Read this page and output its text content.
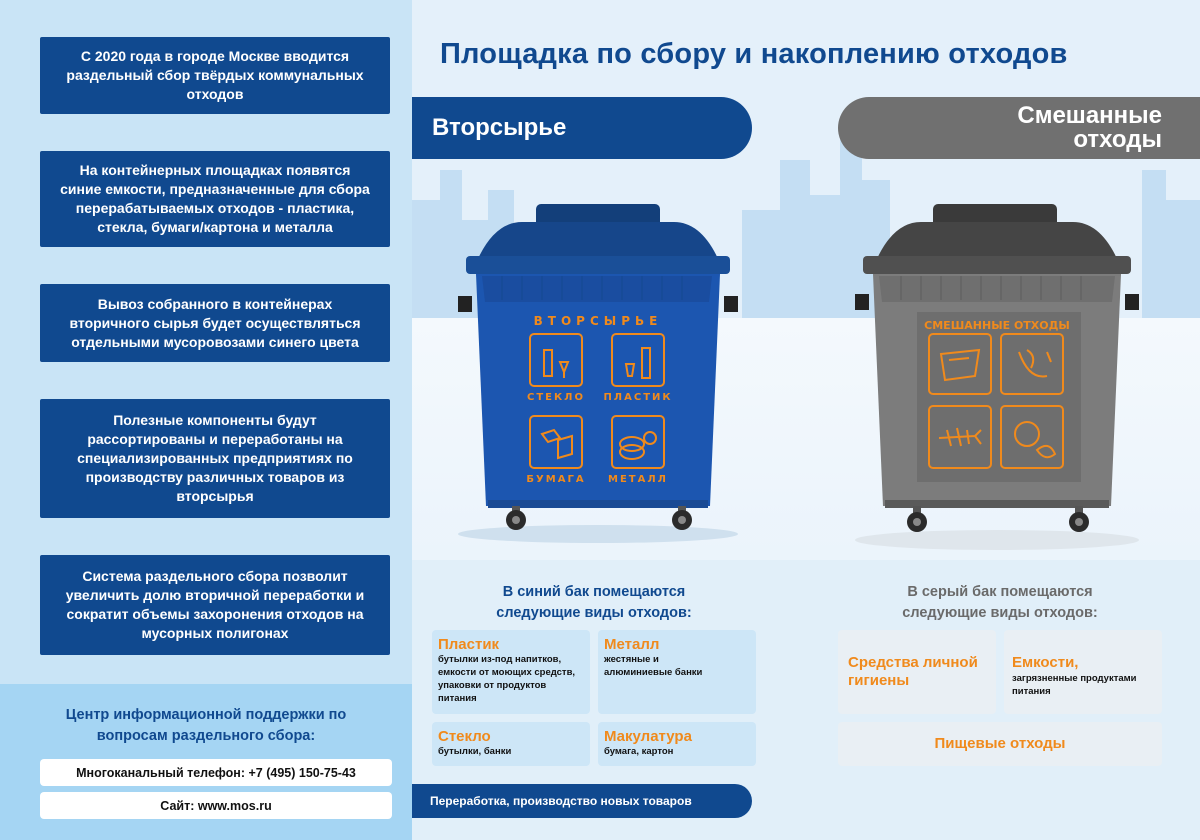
С 2020 года в городе Москве вводится раздельный сбор твёрдых коммунальных отходов
На контейнерных площадках появятся синие емкости, предназначенные для сбора перерабатываемых отходов - пластика, стекла, бумаги/картона и металла
Вывоз собранного в контейнерах вторичного сырья будет осуществляться отдельными мусоровозами синего цвета
Полезные компоненты будут рассортированы и переработаны на специализированных предприятиях по производству различных товаров из вторсырья
Система раздельного сбора позволит увеличить долю вторичной переработки и сократит объемы захоронения отходов на мусорных полигонах
Центр информационной поддержки по вопросам раздельного сбора:
Многоканальный телефон: +7 (495) 150-75-43
Сайт: www.mos.ru
Площадка по сбору и накоплению отходов
Вторсырье	Смешанные отходы
ВТОРСЫРЬЕ
СТЕКЛО ПЛАСТИК
БУМАГА МЕТАЛЛ
СМЕШАННЫЕ ОТХОДЫ
В синий бак помещаются следующие виды отходов:
Пластик
бутылки из-под напитков, емкости от моющих средств, упаковки от продуктов питания
Металл
жестяные и алюминиевые банки
Стекло
бутылки, банки
Макулатура
бумага, картон
Переработка, производство новых товаров
В серый бак помещаются следующие виды отходов:
Средства личной гигиены
Емкости,
загрязненные продуктами питания
Пищевые отходы
